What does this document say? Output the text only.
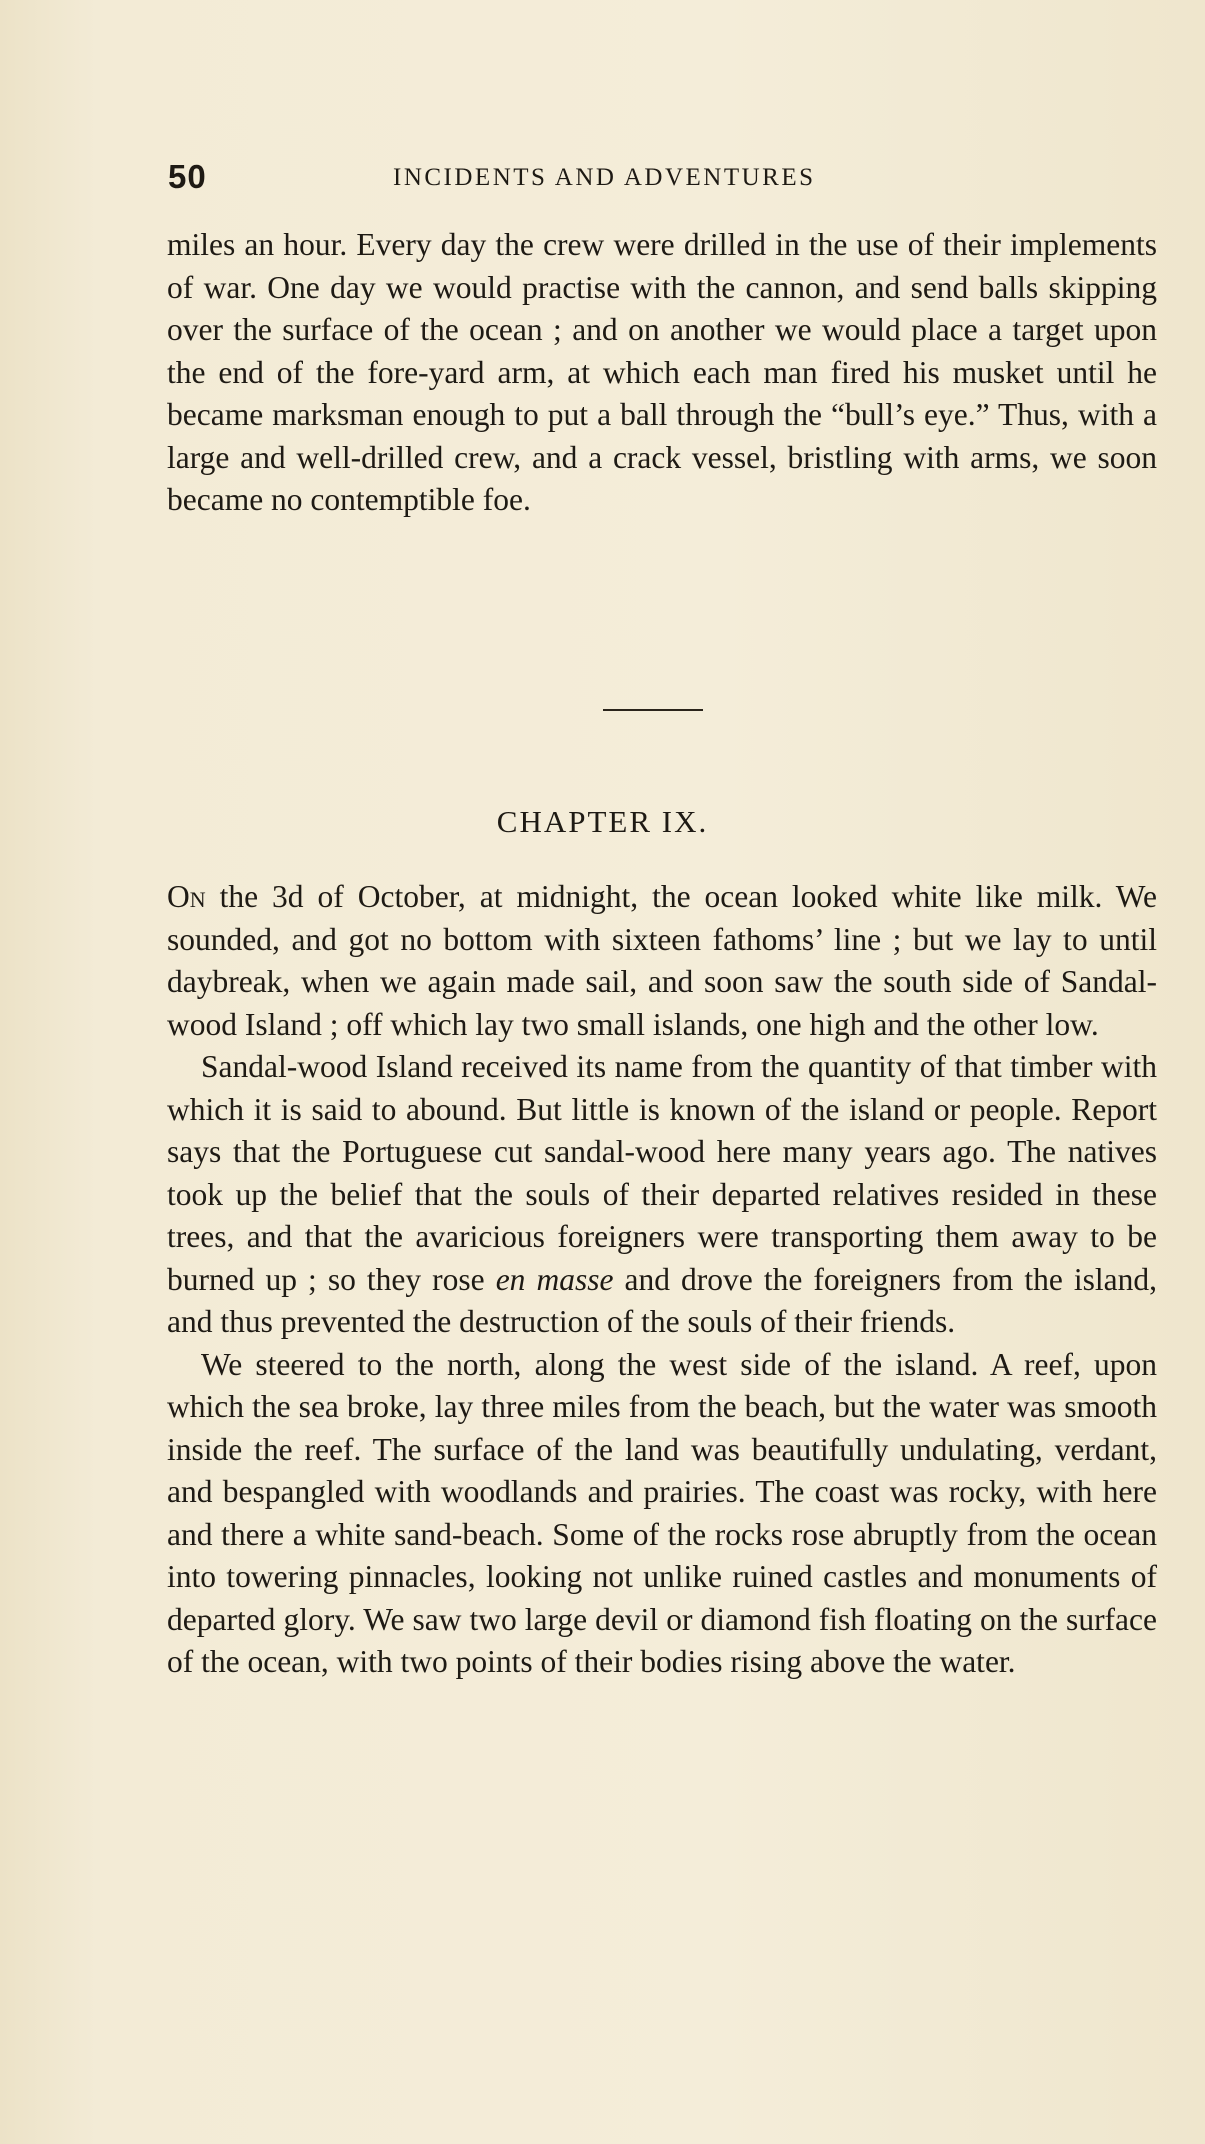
50	INCIDENTS AND ADVENTURES

miles an hour. Every day the crew were drilled in the use of their implements of war. One day we would practise with the cannon, and send balls skipping over the surface of the ocean ; and on another we would place a target upon the end of the fore-yard arm, at which each man fired his musket until he became marksman enough to put a ball through the “bull’s eye.” Thus, with a large and well-drilled crew, and a crack vessel, bristling with arms, we soon became no contemptible foe.

CHAPTER IX.

On the 3d of October, at midnight, the ocean looked white like milk. We sounded, and got no bottom with sixteen fathoms’ line ; but we lay to until daybreak, when we again made sail, and soon saw the south side of Sandal-wood Island ; off which lay two small islands, one high and the other low.

Sandal-wood Island received its name from the quantity of that timber with which it is said to abound. But little is known of the island or people. Report says that the Portuguese cut sandal-wood here many years ago. The natives took up the belief that the souls of their departed relatives resided in these trees, and that the avaricious foreigners were transporting them away to be burned up ; so they rose en masse and drove the foreigners from the island, and thus prevented the destruction of the souls of their friends.

We steered to the north, along the west side of the island. A reef, upon which the sea broke, lay three miles from the beach, but the water was smooth inside the reef. The surface of the land was beautifully undulating, verdant, and bespangled with woodlands and prairies. The coast was rocky, with here and there a white sand-beach. Some of the rocks rose abruptly from the ocean into towering pinnacles, looking not unlike ruined castles and monuments of departed glory. We saw two large devil or diamond fish floating on the surface of the ocean, with two points of their bodies rising above the water.
